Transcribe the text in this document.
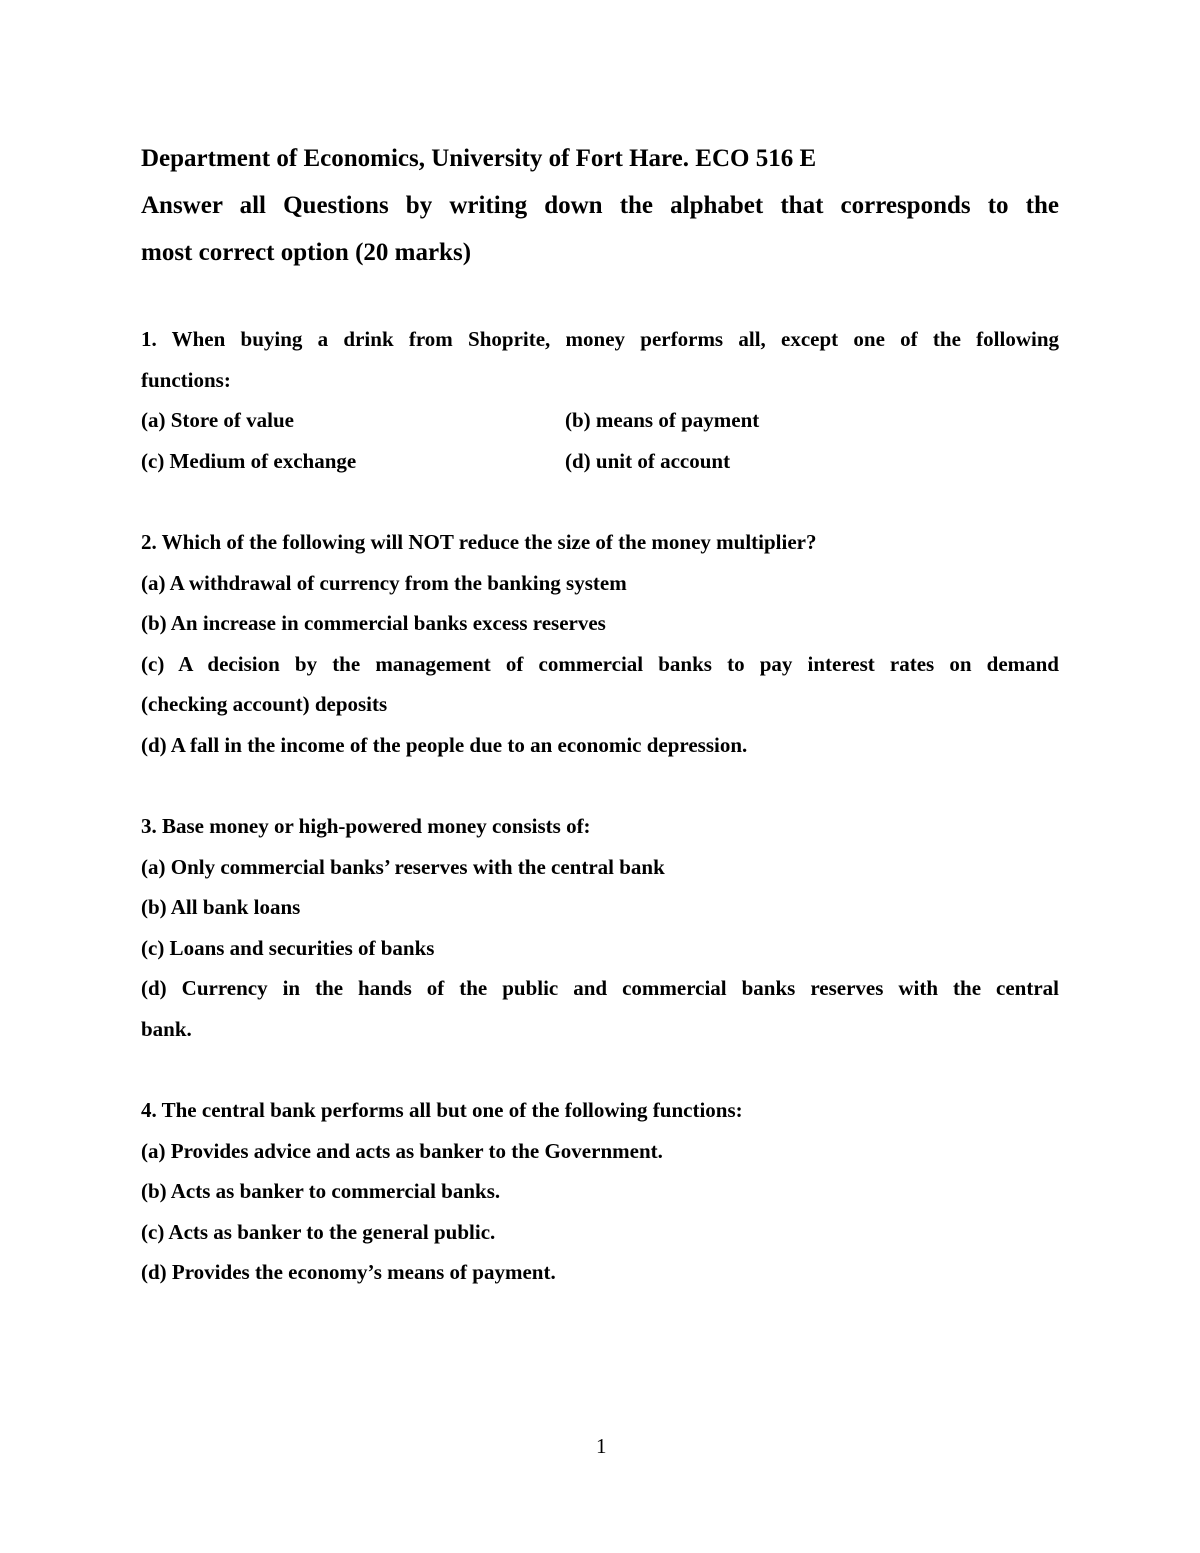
Department of Economics, University of Fort Hare. ECO 516 E
Answer all Questions by writing down the alphabet that corresponds to the
most correct option (20 marks)
1. When buying a drink from Shoprite, money performs all, except one of the following
functions:
(a) Store of value	(b) means of payment
(c) Medium of exchange	(d) unit of account
2. Which of the following will NOT reduce the size of the money multiplier?
(a) A withdrawal of currency from the banking system
(b) An increase in commercial banks excess reserves
(c) A decision by the management of commercial banks to pay interest rates on demand
(checking account) deposits
(d) A fall in the income of the people due to an economic depression.
3. Base money or high-powered money consists of:
(a) Only commercial banks’ reserves with the central bank
(b) All bank loans
(c) Loans and securities of banks
(d) Currency in the hands of the public and commercial banks reserves with the central
bank.
4. The central bank performs all but one of the following functions:
(a) Provides advice and acts as banker to the Government.
(b) Acts as banker to commercial banks.
(c) Acts as banker to the general public.
(d) Provides the economy’s means of payment.
1
